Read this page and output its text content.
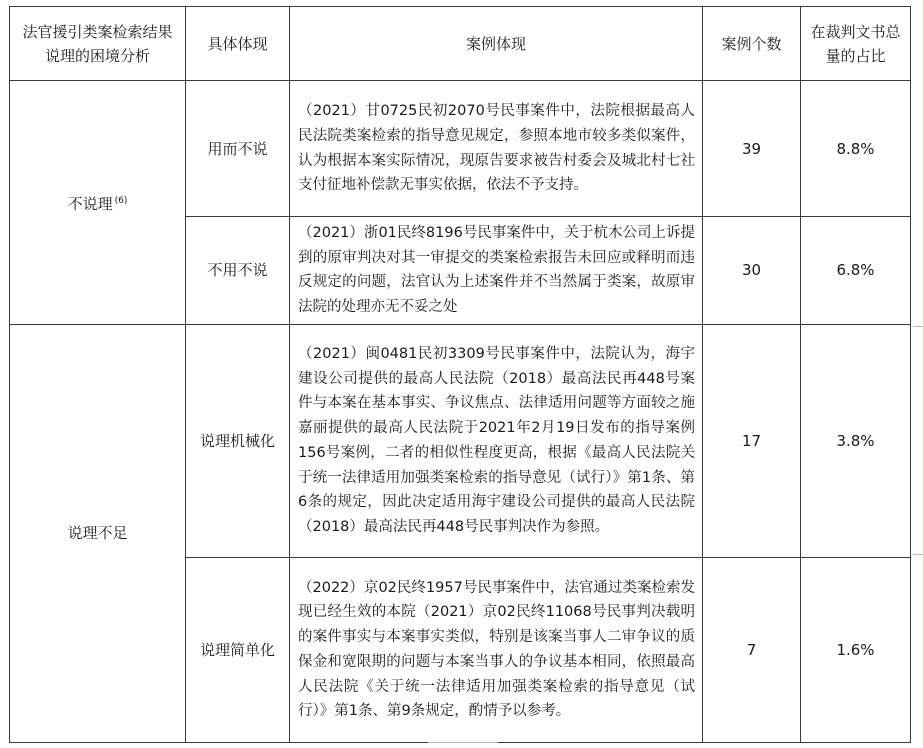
法官援引类案检索结果说理的困境分析	具体体现	案例体现	案例个数	在裁判文书总量的占比
不说理 $^{(6)}$	用而不说	（2021）甘0725民初2070号民事案件中，法院根据最高人民法院类案检索的指导意见规定，参照本地市较多类似案件，认为根据本案实际情况，现原告要求被告村委会及城北村七社支付征地补偿款无事实依据，依法不予支持。	39	8.8%
	不用不说	（2021）浙01民终8196号民事案件中，关于杭木公司上诉提到的原审判决对其一审提交的类案检索报告未回应或释明而违反规定的问题，法官认为上述案件并不当然属于类案，故原审法院的处理亦无不妥之处	30	6.8%
说理不足	说理机械化	（2021）闽0481民初3309号民事案件中，法院认为，海宇建设公司提供的最高人民法院（2018）最高法民再448号案件与本案在基本事实、争议焦点、法律适用问题等方面较之施嘉丽提供的最高人民法院于2021年2月19日发布的指导案例156号案例，二者的相似性程度更高，根据《最高人民法院关于统一法律适用加强类案检索的指导意见（试行）》第1条、第6条的规定，因此决定适用海宇建设公司提供的最高人民法院（2018）最高法民再448号民事判决作为参照。	17	3.8%
	说理简单化	（2022）京02民终1957号民事案件中，法官通过类案检索发现已经生效的本院（2021）京02民终11068号民事判决载明的案件事实与本案事实类似，特别是该案当事人二审争议的质保金和宽限期的问题与本案当事人的争议基本相同，依照最高人民法院《关于统一法律适用加强类案检索的指导意见（试行）》第1条、第9条规定，酌情予以参考。	7	1.6%
